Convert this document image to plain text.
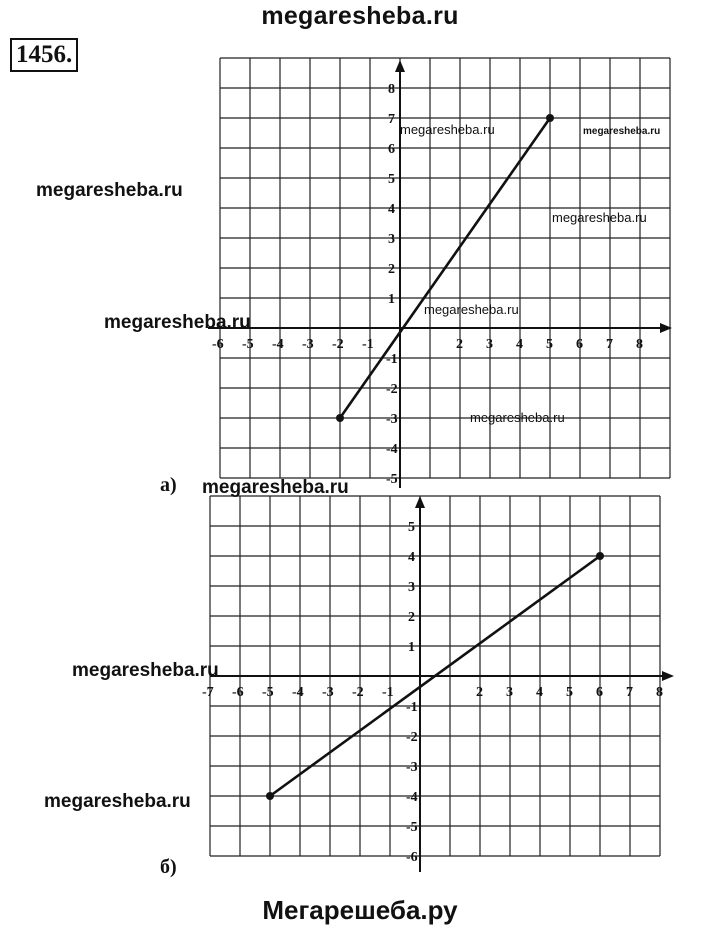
megaresheba.ru
1456.
-6 -5 -4 -3 -2 -1	2 3 4 5 6 7 8
8
7
6
5
4
3
2
1
-1
-2
-3
-4
-5
-7 -6 -5 -4 -3 -2 -1	2 3 4 5 6 7 8
5
4
3
2
1
-1
-2
-3
-4
-5
-6
megaresheba.ru
megaresheba.ru
megaresheba.ru
megaresheba.ru
megaresheba.ru
megaresheba.ru	megaresheba.ru
megaresheba.ru
megaresheba.ru
megaresheba.ru
а)
б)
Мегарешеба.ру
